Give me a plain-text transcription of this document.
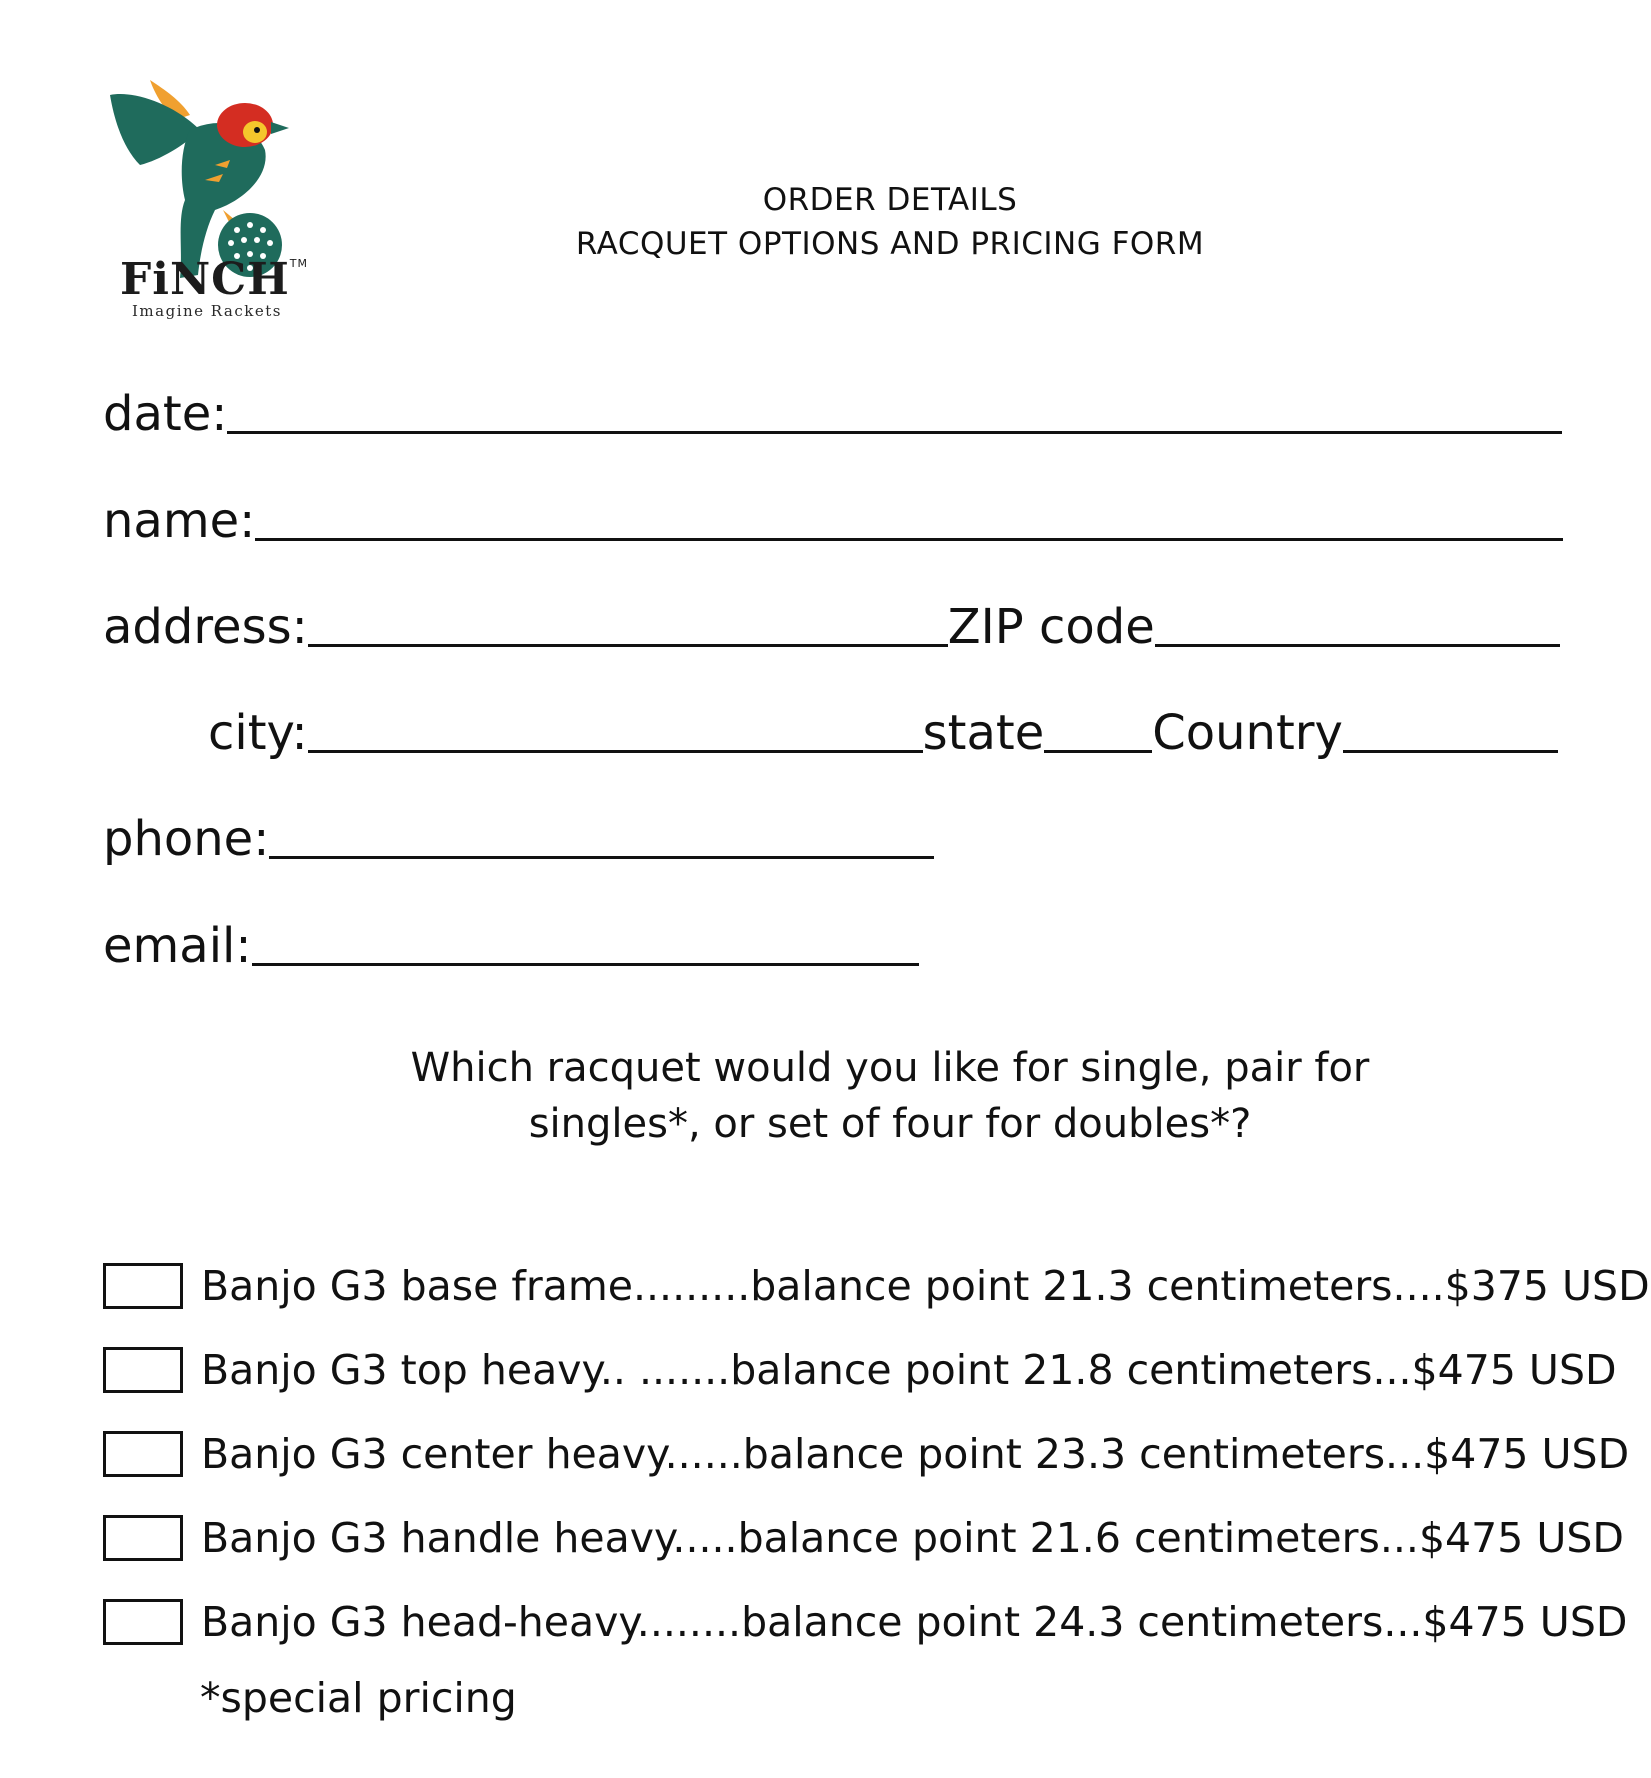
FiNCH™
Imagine Rackets
ORDER DETAILS
RACQUET OPTIONS AND PRICING FORM
date:
name:
address:	ZIP code
city:	state Country
phone:
email:
Which racquet would you like for single, pair for
singles*, or set of four for doubles*?
Banjo G3 base frame.........balance point 21.3 centimeters....$375 USD
Banjo G3 top heavy.. .......balance point 21.8 centimeters...$475 USD
Banjo G3 center heavy......balance point 23.3 centimeters...$475 USD
Banjo G3 handle heavy.....balance point 21.6 centimeters...$475 USD
Banjo G3 head-heavy........balance point 24.3 centimeters...$475 USD
*special pricing
